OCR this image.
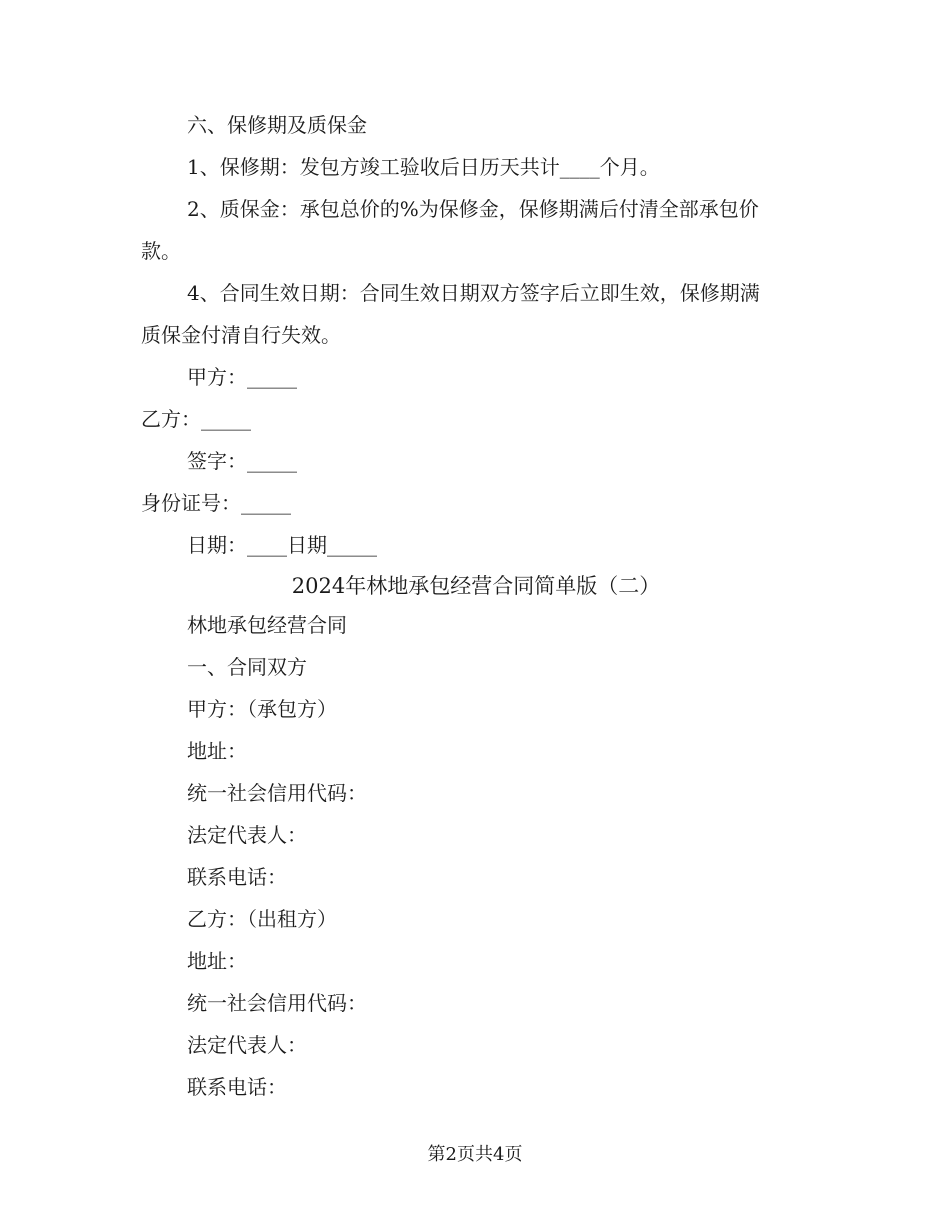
六、保修期及质保金
1、保修期：发包方竣工验收后日历天共计____个月。
2、质保金：承包总价的%为保修金，保修期满后付清全部承包价
款。
4、合同生效日期：合同生效日期双方签字后立即生效，保修期满
质保金付清自行失效。
甲方：_____
乙方：_____
签字：_____
身份证号：_____
日期：____日期_____
2024年林地承包经营合同简单版（二）
林地承包经营合同
一、合同双方
甲方：（承包方）
地址：
统一社会信用代码：
法定代表人：
联系电话：
乙方：（出租方）
地址：
统一社会信用代码：
法定代表人：
联系电话：
第2页共4页
